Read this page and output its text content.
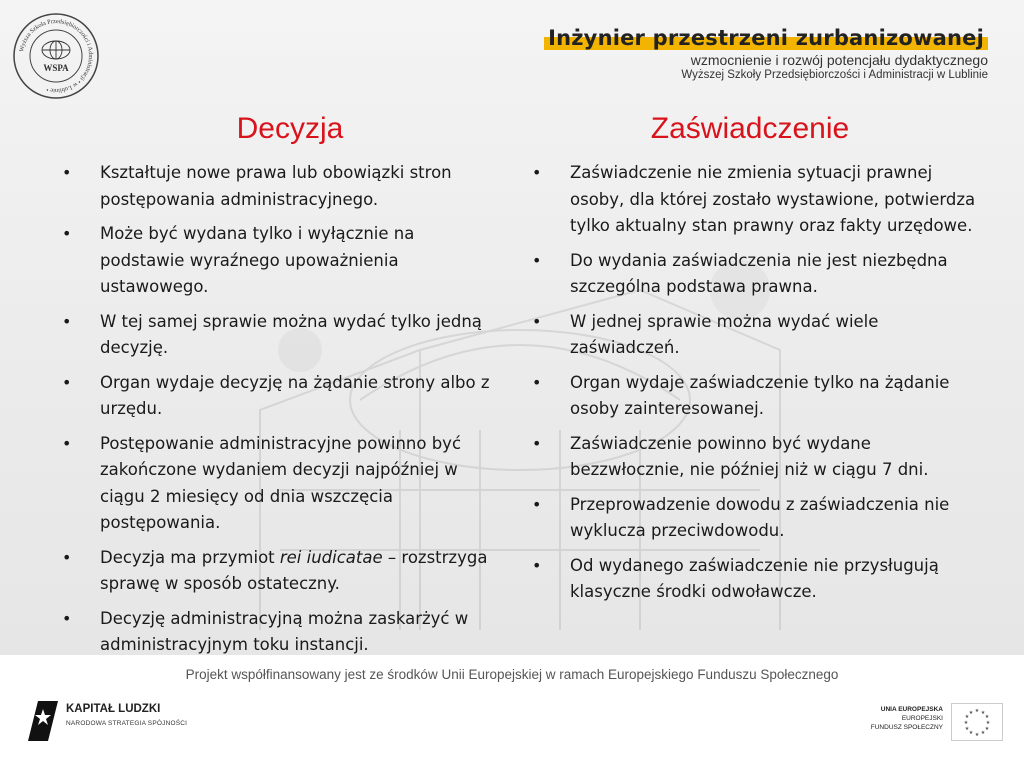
Wyższa Szkoła Przedsiębiorczości i Administracji • w Lublinie •
WSPA
Inżynier przestrzeni zurbanizowanej
wzmocnienie i rozwój potencjału dydaktycznego
Wyższej Szkoły Przedsiębiorczości i Administracji w Lublinie
Decyzja	Zaświadczenie
• Kształtuje nowe prawa lub obowiązki stron postępowania administracyjnego.
• Może być wydana tylko i wyłącznie na podstawie wyraźnego upoważnienia ustawowego.
• W tej samej sprawie można wydać tylko jedną decyzję.
• Organ wydaje decyzję na żądanie strony albo z urzędu.
• Postępowanie administracyjne powinno być zakończone wydaniem decyzji najpóźniej w ciągu 2 miesięcy od dnia wszczęcia postępowania.
• Decyzja ma przymiot rei iudicatae – rozstrzyga sprawę w sposób ostateczny.
• Decyzję administracyjną można zaskarżyć w administracyjnym toku instancji.
• Zaświadczenie nie zmienia sytuacji prawnej osoby, dla której zostało wystawione, potwierdza tylko aktualny stan prawny oraz fakty urzędowe.
• Do wydania zaświadczenia nie jest niezbędna szczególna podstawa prawna.
• W jednej sprawie można wydać wiele zaświadczeń.
• Organ wydaje zaświadczenie tylko na żądanie osoby zainteresowanej.
• Zaświadczenie powinno być wydane bezzwłocznie, nie później niż w ciągu 7 dni.
• Przeprowadzenie dowodu z zaświadczenia nie wyklucza przeciwdowodu.
• Od wydanego zaświadczenie nie przysługują klasyczne środki odwoławcze.
Projekt współfinansowany jest ze środków Unii Europejskiej w ramach Europejskiego Funduszu Społecznego
KAPITAŁ LUDZKI
NARODOWA STRATEGIA SPÓJNOŚCI
UNIA EUROPEJSKA
EUROPEJSKI
FUNDUSZ SPOŁECZNY
★ ★
★
★
★
★
★
★
★
★
★
★
